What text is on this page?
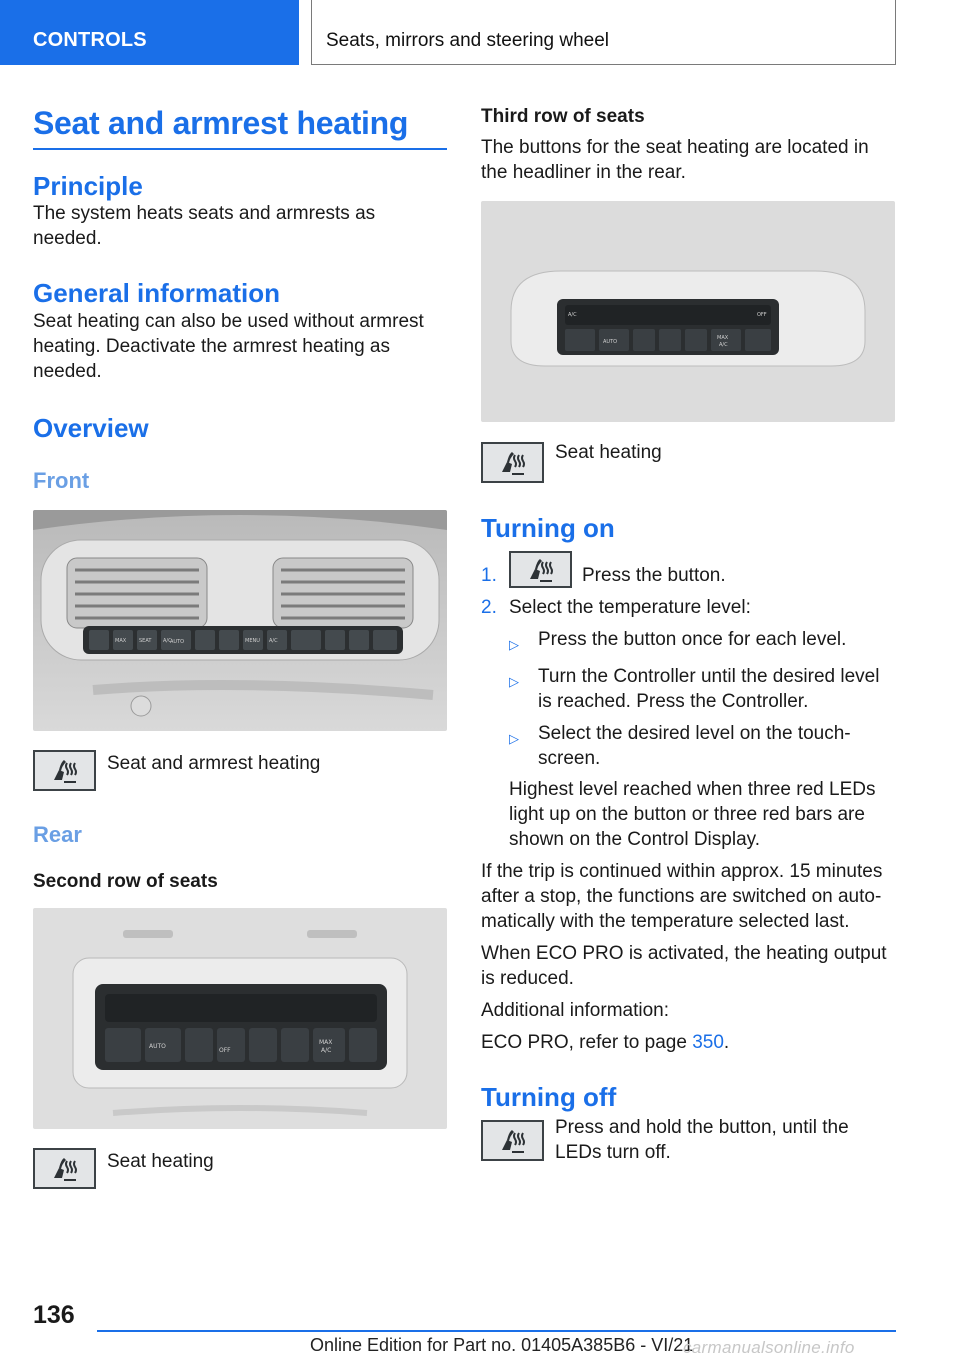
CONTROLS	Seats, mirrors and steering wheel
Seat and armrest heating
Principle

The system heats seats and armrests as needed.

General information

Seat heating can also be used without armrest heating. Deactivate the armrest heating as needed.

Overview
Front
MAX	SEAT A/C
AUTO	MENU A/C
Seat and armrest heating
Rear
Second row of seats
AUTO
OFF
MAX
A/C
Seat heating
Third row of seats

The buttons for the seat heating are located in the headliner in the rear.

A/C	OFF
AUTO
MAX
A/C
Seat heating
Turning on
1.	Press the button.
2. Select the temperature level:
▷	Press the button once for each level.
▷	Turn the Controller until the desired level is reached. Press the Controller.
▷	Select the desired level on the touch‐screen.

Highest level reached when three red LEDs light up on the button or three red bars are shown on the Control Display.

If the trip is continued within approx. 15 minutes after a stop, the functions are switched on auto‐matically with the temperature selected last.

When ECO PRO is activated, the heating output is reduced.

Additional information:

ECO PRO, refer to page 350.

Turning off
Press and hold the button, until the LEDs turn off.
136
Online Edition for Part no. 01405A385B6 - VI/21
carmanualsonline.info
